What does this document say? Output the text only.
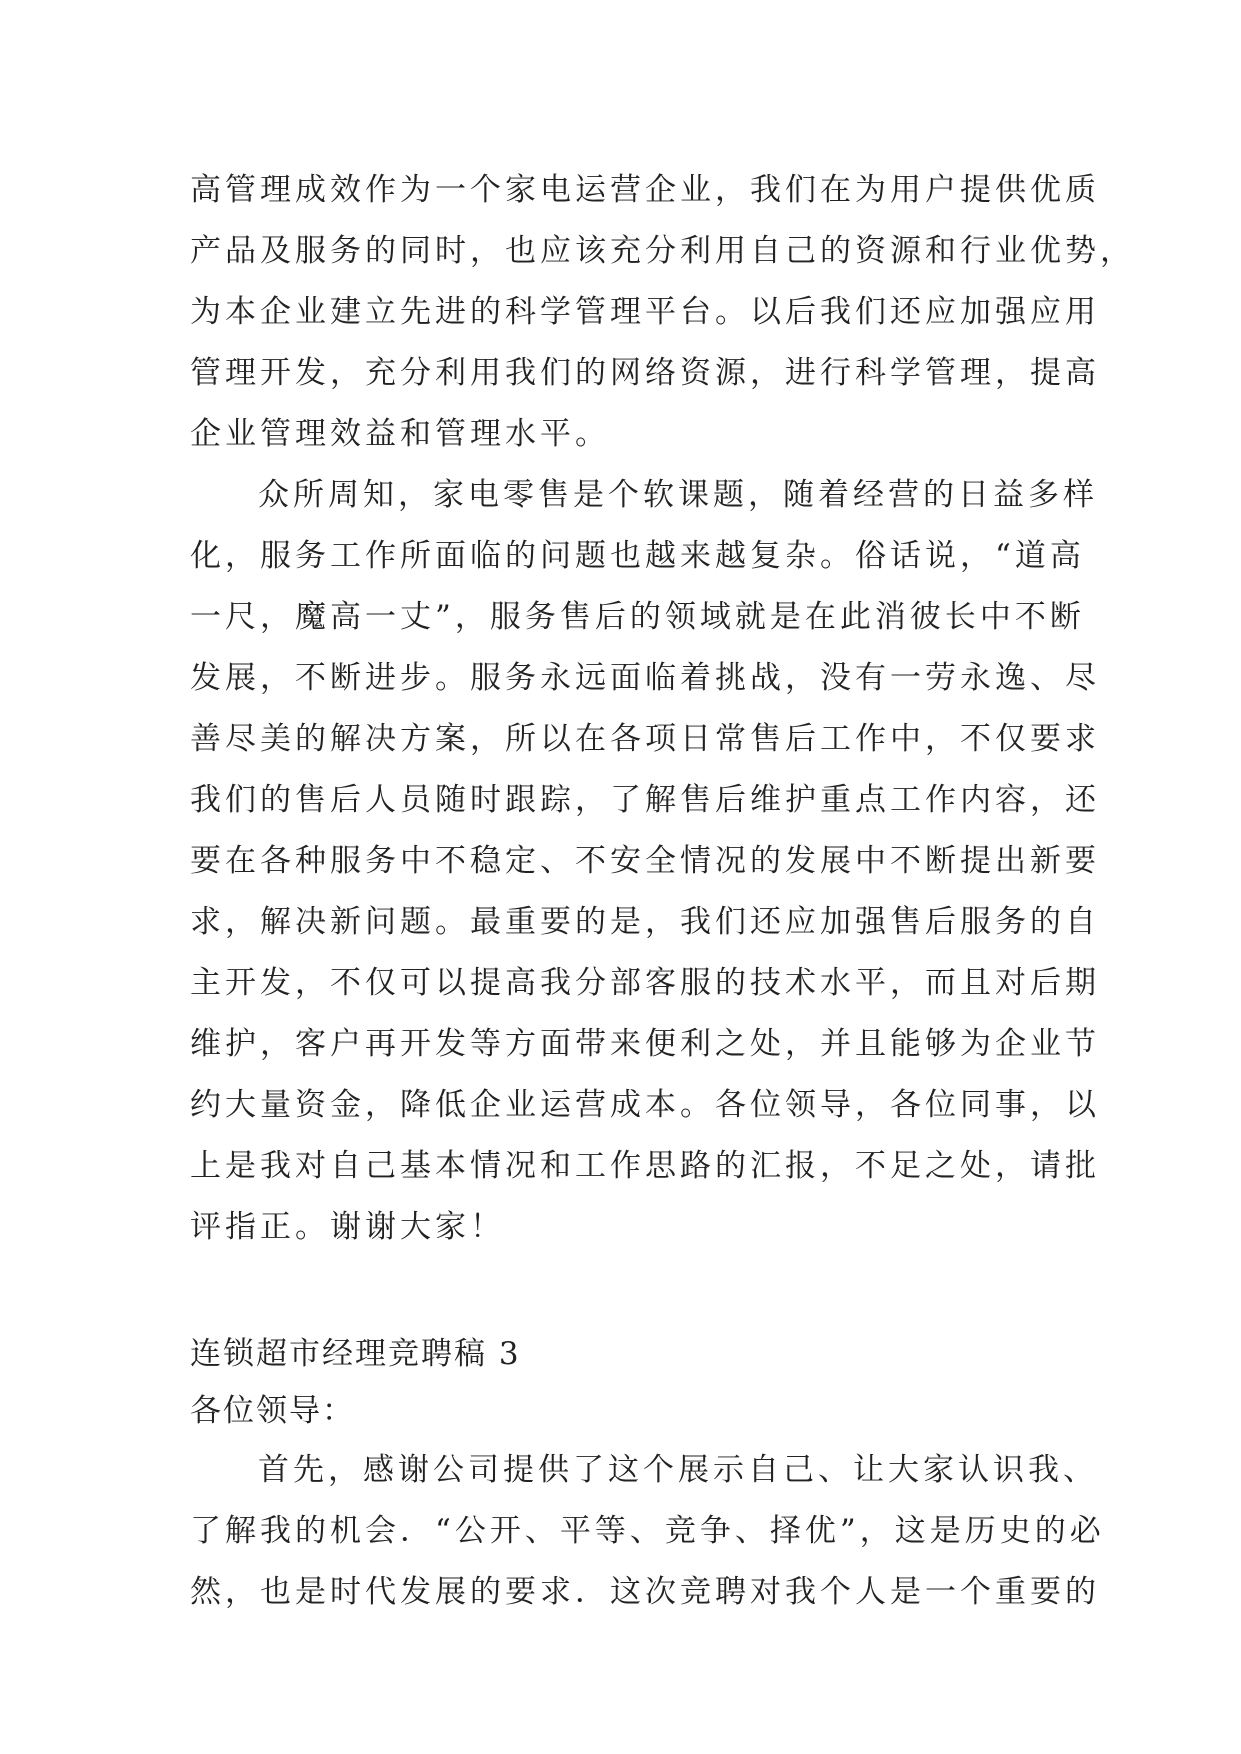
高管理成效作为一个家电运营企业，我们在为用户提供优质
产品及服务的同时，也应该充分利用自己的资源和行业优势，
为本企业建立先进的科学管理平台。以后我们还应加强应用
管理开发，充分利用我们的网络资源，进行科学管理，提高
企业管理效益和管理水平。
众所周知，家电零售是个软课题，随着经营的日益多样
化，服务工作所面临的问题也越来越复杂。俗话说，“道高
一尺，魔高一丈”，服务售后的领域就是在此消彼长中不断
发展，不断进步。服务永远面临着挑战，没有一劳永逸、尽
善尽美的解决方案，所以在各项日常售后工作中，不仅要求
我们的售后人员随时跟踪，了解售后维护重点工作内容，还
要在各种服务中不稳定、不安全情况的发展中不断提出新要
求，解决新问题。最重要的是，我们还应加强售后服务的自
主开发，不仅可以提高我分部客服的技术水平，而且对后期
维护，客户再开发等方面带来便利之处，并且能够为企业节
约大量资金，降低企业运营成本。各位领导，各位同事，以
上是我对自己基本情况和工作思路的汇报，不足之处，请批
评指正。谢谢大家！
连锁超市经理竞聘稿 3
各位领导：
首先，感谢公司提供了这个展示自己、让大家认识我、
了解我的机会．“公开、平等、竞争、择优”，这是历史的必
然，也是时代发展的要求．这次竞聘对我个人是一个重要的
